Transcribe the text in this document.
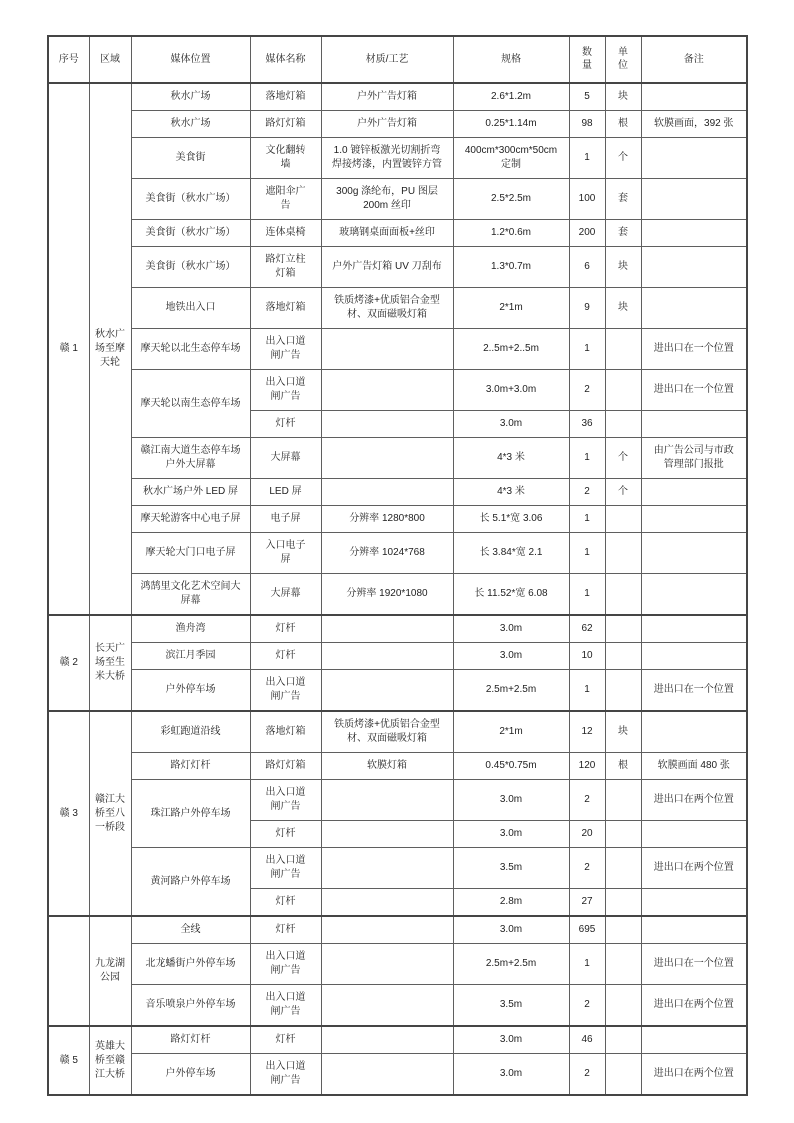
序号	区域	媒体位置	媒体名称	材质/工艺	规格	数量	单位	备注
赣 1	秋水广场至摩天轮	秋水广场	落地灯箱	户外广告灯箱	2.6*1.2m	5	块	
		秋水广场	路灯灯箱	户外广告灯箱	0.25*1.14m	98	根	软膜画面，392 张
		美食街	文化翻转墙	1.0 镀锌板激光切割折弯焊接烤漆，内置镀锌方管	400cm*300cm*50cm 定制	1	个	
		美食街（秋水广场）	遮阳伞广告	300g 涤纶布，PU 图层 200m 丝印	2.5*2.5m	100	套	
		美食街（秋水广场）	连体桌椅	玻璃钢桌面面板+丝印	1.2*0.6m	200	套	
		美食街（秋水广场）	路灯立柱灯箱	户外广告灯箱 UV 刀刮布	1.3*0.7m	6	块	
		地铁出入口	落地灯箱	铁质烤漆+优质铝合金型材、双面磁吸灯箱	2*1m	9	块	
		摩天轮以北生态停车场	出入口道闸广告		2..5m+2..5m	1		进出口在一个位置
		摩天轮以南生态停车场	出入口道闸广告		3.0m+3.0m	2		进出口在一个位置
			灯杆		3.0m	36		
		赣江南大道生态停车场户外大屏幕	大屏幕		4*3 米	1	个	由广告公司与市政管理部门报批
		秋水广场户外 LED 屏	LED 屏		4*3 米	2	个	
		摩天轮游客中心电子屏	电子屏	分辨率 1280*800	长 5.1*宽 3.06	1		
		摩天轮大门口电子屏	入口电子屏	分辨率 1024*768	长 3.84*宽 2.1	1		
		鸿鹄里文化艺术空间大屏幕	大屏幕	分辨率 1920*1080	长 11.52*宽 6.08	1		
赣 2	长天广场至生米大桥	渔舟湾	灯杆		3.0m	62		
		滨江月季园	灯杆		3.0m	10		
		户外停车场	出入口道闸广告		2.5m+2.5m	1		进出口在一个位置
赣 3	赣江大桥至八一桥段	彩虹跑道沿线	落地灯箱	铁质烤漆+优质铝合金型材、双面磁吸灯箱	2*1m	12	块	
		路灯灯杆	路灯灯箱	软膜灯箱	0.45*0.75m	120	根	软膜画面 480 张
		珠江路户外停车场	出入口道闸广告		3.0m	2		进出口在两个位置
			灯杆		3.0m	20		
		黄河路户外停车场	出入口道闸广告		3.5m	2		进出口在两个位置
			灯杆		2.8m	27		
	九龙湖公园	全线	灯杆		3.0m	695		
		北龙蟠街户外停车场	出入口道闸广告		2.5m+2.5m	1		进出口在一个位置
		音乐喷泉户外停车场	出入口道闸广告		3.5m	2		进出口在两个位置
赣 5	英雄大桥至赣江大桥	路灯灯杆	灯杆		3.0m	46		
		户外停车场	出入口道闸广告		3.0m	2		进出口在两个位置
